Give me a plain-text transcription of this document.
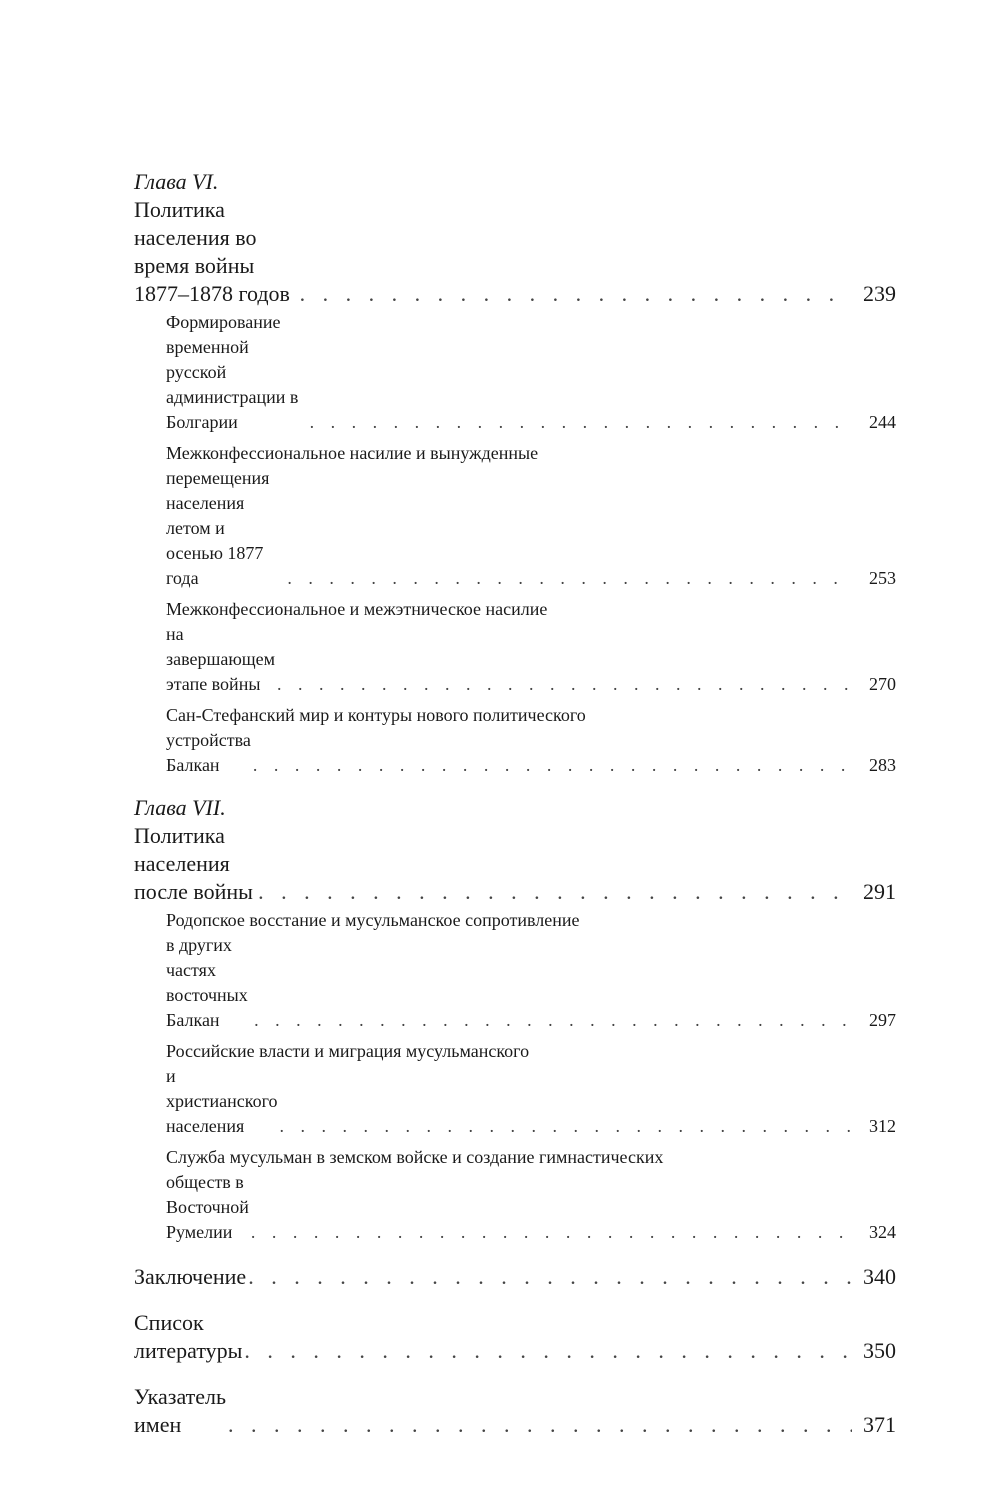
Глава VI. Политика населения во время войны 1877–1878 годов . . .	239
Формирование временной русской администрации в Болгарии . . .	244
Межконфессиональное насилие и вынужденные
перемещения населения летом и осенью 1877 года . . .	253
Межконфессиональное и межэтническое насилие
на завершающем этапе войны . . .	270
Сан-Стефанский мир и контуры нового политического
устройства Балкан . . .	283
Глава VII. Политика населения после войны . . .	291
Родопское восстание и мусульманское сопротивление
в других частях восточных Балкан . . .	297
Российские власти и миграция мусульманского
и христианского населения . . .	312
Служба мусульман в земском войске и создание гимнастических
обществ в Восточной Румелии . . .	324
Заключение . . .	340
Список литературы . . .	350
Указатель имен . . .	371
